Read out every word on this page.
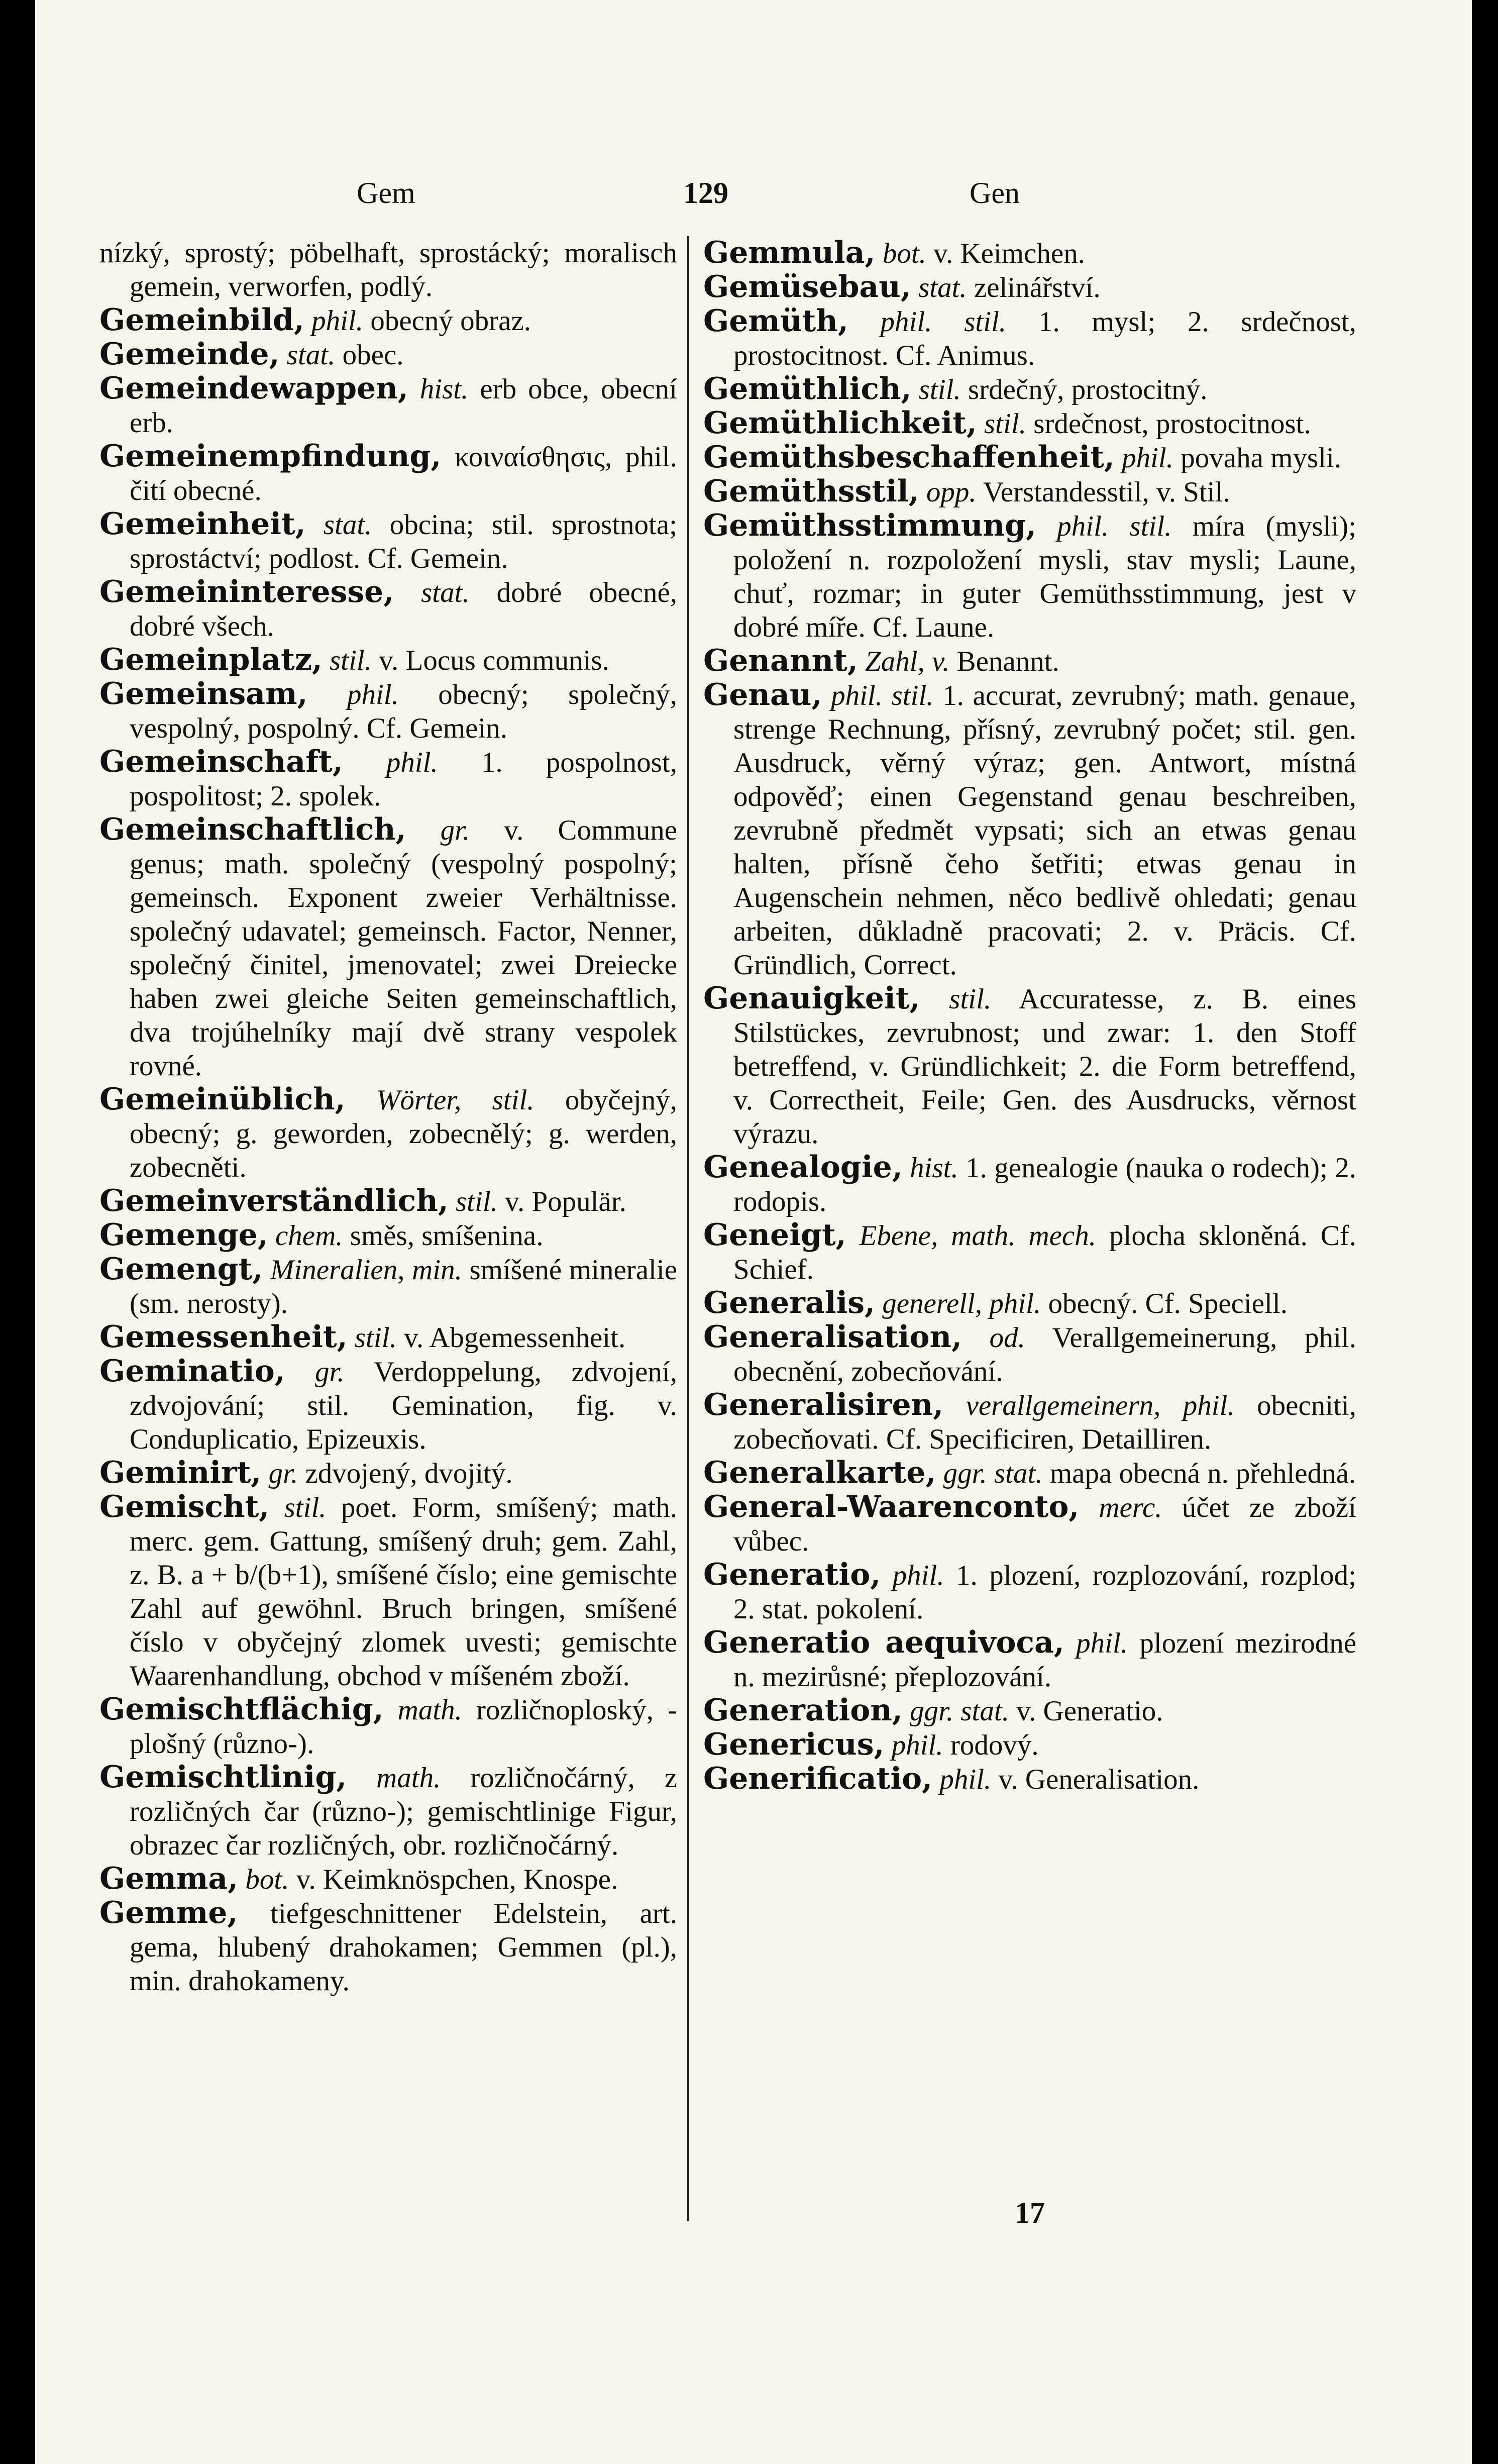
Gem	129	Gen

nízký, sprostý; pöbelhaft, sprostácký; moralisch gemein, verworfen, podlý.

Gemeinbild, phil. obecný obraz.

Gemeinde, stat. obec.

Gemeindewappen, hist. erb obce, obecní erb.

Gemeinempfindung, κοιναίσθησις, phil. čití obecné.

Gemeinheit, stat. obcina; stil. sprostnota; sprostáctví; podlost. Cf. Gemein.

Gemeininteresse, stat. dobré obecné, dobré všech.

Gemeinplatz, stil. v. Locus communis.

Gemeinsam, phil. obecný; společný, vespolný, pospolný. Cf. Gemein.

Gemeinschaft, phil. 1. pospolnost, pospolitost; 2. spolek.

Gemeinschaftlich, gr. v. Commune genus; math. společný (vespolný pospolný; gemeinsch. Exponent zweier Verhältnisse. společný udavatel; gemeinsch. Factor, Nenner, společný činitel, jmenovatel; zwei Dreiecke haben zwei gleiche Seiten gemeinschaftlich, dva trojúhelníky mají dvě strany vespolek rovné.

Gemeinüblich, Wörter, stil. obyčejný, obecný; g. geworden, zobecnělý; g. werden, zobecněti.

Gemeinverständlich, stil. v. Populär.

Gemenge, chem. směs, smíšenina.

Gemengt, Mineralien, min. smíšené mineralie (sm. nerosty).

Gemessenheit, stil. v. Abgemessenheit.

Geminatio, gr. Verdoppelung, zdvojení, zdvojování; stil. Gemination, fig. v. Conduplicatio, Epizeuxis.

Geminirt, gr. zdvojený, dvojitý.

Gemischt, stil. poet. Form, smíšený; math. merc. gem. Gattung, smíšený druh; gem. Zahl, z. B. a + b/(b+1), smíšené číslo; eine gemischte Zahl auf gewöhnl. Bruch bringen, smíšené číslo v obyčejný zlomek uvesti; gemischte Waarenhandlung, obchod v míšeném zboží.

Gemischtflächig, math. rozličnoploský, -plošný (různo-).

Gemischtlinig, math. rozličnočárný, z rozličných čar (různo-); gemischtlinige Figur, obrazec čar rozličných, obr. rozličnočárný.

Gemma, bot. v. Keimknöspchen, Knospe.

Gemme, tiefgeschnittener Edelstein, art. gema, hlubený drahokamen; Gemmen (pl.), min. drahokameny.

Gemmula, bot. v. Keimchen.

Gemüsebau, stat. zelinářství.

Gemüth, phil. stil. 1. mysl; 2. srdečnost, prostocitnost. Cf. Animus.

Gemüthlich, stil. srdečný, prostocitný.

Gemüthlichkeit, stil. srdečnost, prostocitnost.

Gemüthsbeschaffenheit, phil. povaha mysli.

Gemüthsstil, opp. Verstandesstil, v. Stil.

Gemüthsstimmung, phil. stil. míra (mysli); položení n. rozpoložení mysli, stav mysli; Laune, chuť, rozmar; in guter Gemüthsstimmung, jest v dobré míře. Cf. Laune.

Genannt, Zahl, v. Benannt.

Genau, phil. stil. 1. accurat, zevrubný; math. genaue, strenge Rechnung, přísný, zevrubný počet; stil. gen. Ausdruck, věrný výraz; gen. Antwort, místná odpověď; einen Gegenstand genau beschreiben, zevrubně předmět vypsati; sich an etwas genau halten, přísně čeho šetřiti; etwas genau in Augenschein nehmen, něco bedlivě ohledati; genau arbeiten, důkladně pracovati; 2. v. Präcis. Cf. Gründlich, Correct.

Genauigkeit, stil. Accuratesse, z. B. eines Stilstückes, zevrubnost; und zwar: 1. den Stoff betreffend, v. Gründlichkeit; 2. die Form betreffend, v. Correctheit, Feile; Gen. des Ausdrucks, věrnost výrazu.

Genealogie, hist. 1. genealogie (nauka o rodech); 2. rodopis.

Geneigt, Ebene, math. mech. plocha skloněná. Cf. Schief.

Generalis, generell, phil. obecný. Cf. Speciell.

Generalisation, od. Verallgemeinerung, phil. obecnění, zobecňování.

Generalisiren, verallgemeinern, phil. obecniti, zobecňovati. Cf. Specificiren, Detailliren.

Generalkarte, ggr. stat. mapa obecná n. přehledná.

General-Waarenconto, merc. účet ze zboží vůbec.

Generatio, phil. 1. plození, rozplozování, rozplod; 2. stat. pokolení.

Generatio aequivoca, phil. plození mezirodné n. mezirůsné; přeplozování.

Generation, ggr. stat. v. Generatio.

Genericus, phil. rodový.

Generificatio, phil. v. Generalisation.

17
